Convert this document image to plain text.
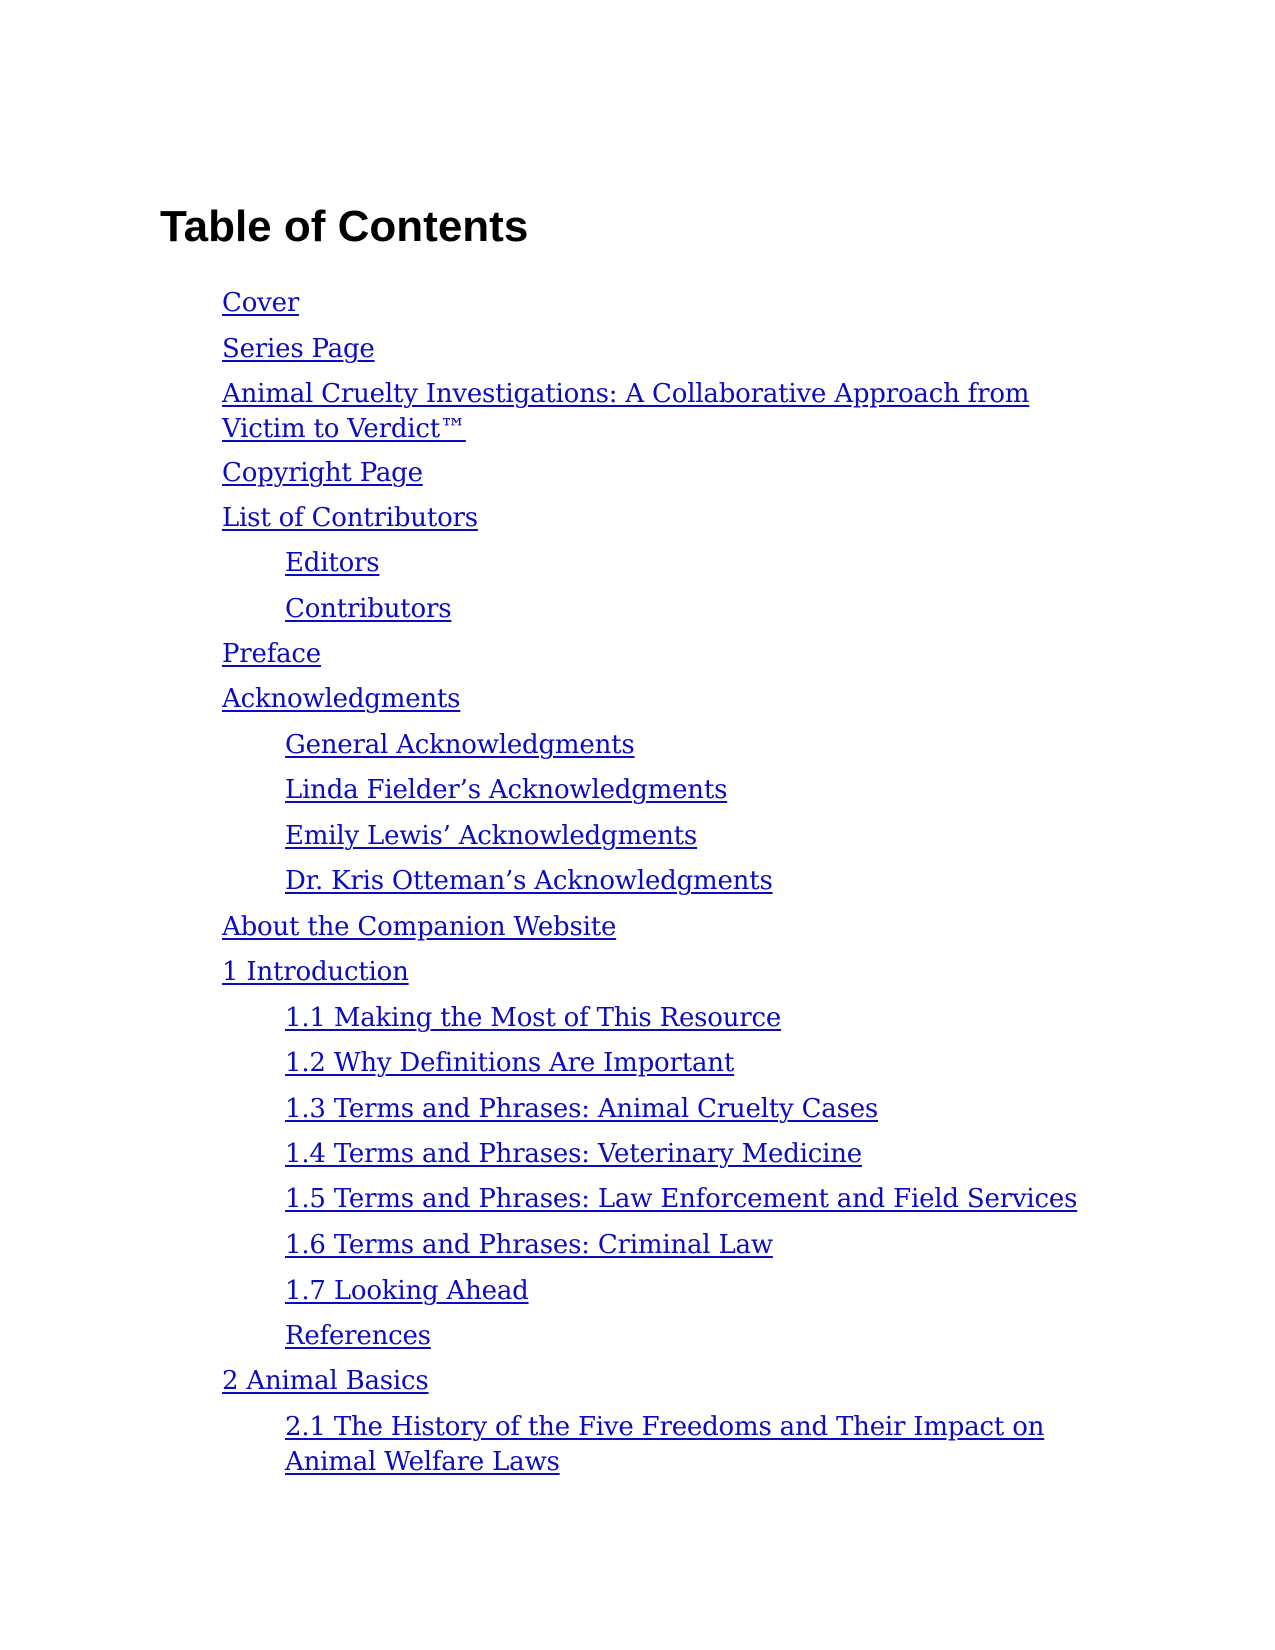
Table of Contents
Cover
Series Page
Animal Cruelty Investigations: A Collaborative Approach from Victim to Verdict™
Copyright Page
List of Contributors
Editors
Contributors
Preface
Acknowledgments
General Acknowledgments
Linda Fielder’s Acknowledgments
Emily Lewis’ Acknowledgments
Dr. Kris Otteman’s Acknowledgments
About the Companion Website
1 Introduction
1.1 Making the Most of This Resource
1.2 Why Definitions Are Important
1.3 Terms and Phrases: Animal Cruelty Cases
1.4 Terms and Phrases: Veterinary Medicine
1.5 Terms and Phrases: Law Enforcement and Field Services
1.6 Terms and Phrases: Criminal Law
1.7 Looking Ahead
References
2 Animal Basics
2.1 The History of the Five Freedoms and Their Impact on Animal Welfare Laws
